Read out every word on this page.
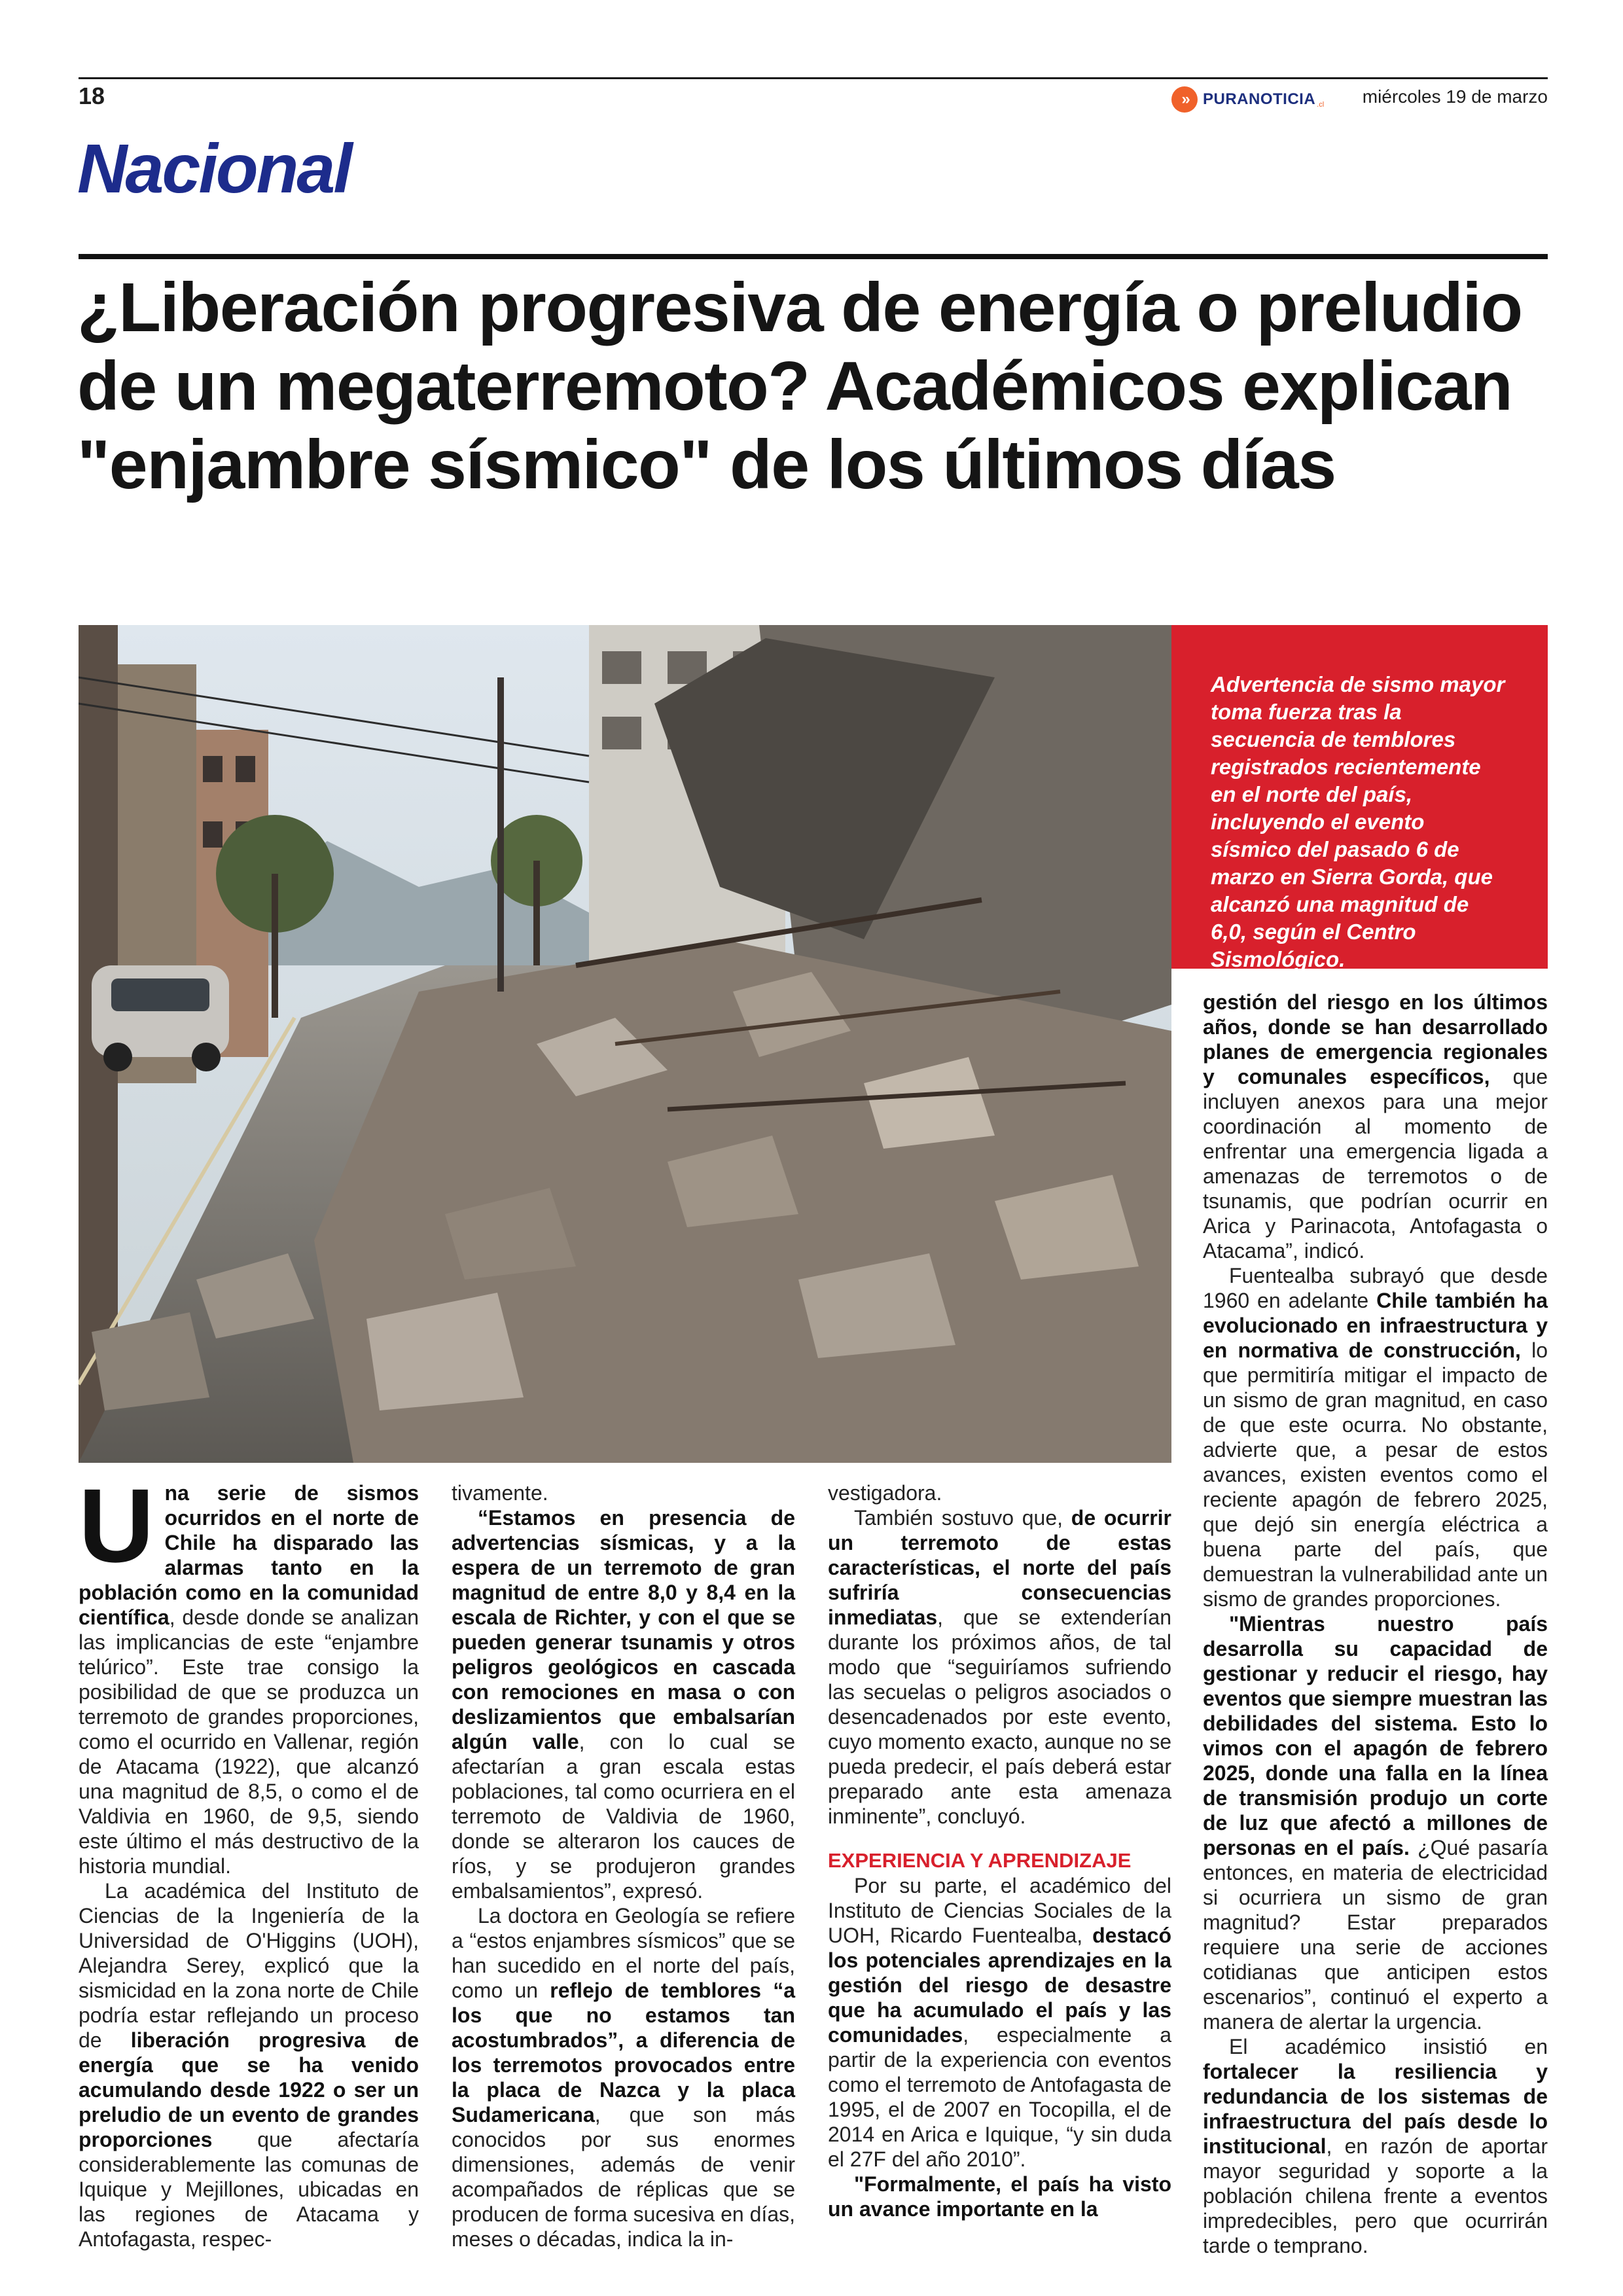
18	» PURANOTICIA .cl miércoles 19 de marzo
Nacional
¿Liberación progresiva de energía o preludio de un megaterremoto? Académicos explican "enjambre sísmico" de los últimos días

Advertencia de sismo mayor toma fuerza tras la secuencia de temblores registrados recientemente en el norte del país, incluyendo el evento sísmico del pasado 6 de marzo en Sierra Gorda, que alcanzó una magnitud de 6,0, según el Centro Sismológico.

Una serie de sismos ocurridos en el norte de Chile ha disparado las alarmas tanto en la población como en la comunidad científica, desde donde se analizan las implicancias de este “enjambre telúrico”. Este trae consigo la posibilidad de que se produzca un terremoto de grandes proporciones, como el ocurrido en Vallenar, región de Atacama (1922), que alcanzó una magnitud de 8,5, o como el de Valdivia en 1960, de 9,5, siendo este último el más destructivo de la historia mundial.

La académica del Instituto de Ciencias de la Ingeniería de la Universidad de O'Higgins (UOH), Alejandra Serey, explicó que la sismicidad en la zona norte de Chile podría estar reflejando un proceso de liberación progresiva de energía que se ha venido acumulando desde 1922 o ser un preludio de un evento de grandes proporciones que afectaría considerablemente las comunas de Iquique y Mejillones, ubicadas en las regiones de Atacama y Antofagasta, respec-

tivamente.

“Estamos en presencia de advertencias sísmicas, y a la espera de un terremoto de gran magnitud de entre 8,0 y 8,4 en la escala de Richter, y con el que se pueden generar tsunamis y otros peligros geológicos en cascada con remociones en masa o con deslizamientos que embalsarían algún valle, con lo cual se afectarían a gran escala estas poblaciones, tal como ocurriera en el terremoto de Valdivia de 1960, donde se alteraron los cauces de ríos, y se produjeron grandes embalsamientos”, expresó.

La doctora en Geología se refiere a “estos enjambres sísmicos” que se han sucedido en el norte del país, como un reflejo de temblores “a los que no estamos tan acostumbrados”, a diferencia de los terremotos provocados entre la placa de Nazca y la placa Sudamericana, que son más conocidos por sus enormes dimensiones, además de venir acompañados de réplicas que se producen de forma sucesiva en días, meses o décadas, indica la in-

vestigadora.

También sostuvo que, de ocurrir un terremoto de estas características, el norte del país sufriría consecuencias inmediatas, que se extenderían durante los próximos años, de tal modo que “seguiríamos sufriendo las secuelas o peligros asociados o desencadenados por este evento, cuyo momento exacto, aunque no se pueda predecir, el país deberá estar preparado ante esta amenaza inminente”, concluyó.

EXPERIENCIA Y APRENDIZAJE

Por su parte, el académico del Instituto de Ciencias Sociales de la UOH, Ricardo Fuentealba, destacó los potenciales aprendizajes en la gestión del riesgo de desastre que ha acumulado el país y las comunidades, especialmente a partir de la experiencia con eventos como el terremoto de Antofagasta de 1995, el de 2007 en Tocopilla, el de 2014 en Arica e Iquique, “y sin duda el 27F del año 2010”.

"Formalmente, el país ha visto un avance importante en la

gestión del riesgo en los últimos años, donde se han desarrollado planes de emergencia regionales y comunales específicos, que incluyen anexos para una mejor coordinación al momento de enfrentar una emergencia ligada a amenazas de terremotos o de tsunamis, que podrían ocurrir en Arica y Parinacota, Antofagasta o Atacama”, indicó.

Fuentealba subrayó que desde 1960 en adelante Chile también ha evolucionado en infraestructura y en normativa de construcción, lo que permitiría mitigar el impacto de un sismo de gran magnitud, en caso de que este ocurra. No obstante, advierte que, a pesar de estos avances, existen eventos como el reciente apagón de febrero 2025, que dejó sin energía eléctrica a buena parte del país, que demuestran la vulnerabilidad ante un sismo de grandes proporciones.

"Mientras nuestro país desarrolla su capacidad de gestionar y reducir el riesgo, hay eventos que siempre muestran las debilidades del sistema. Esto lo vimos con el apagón de febrero 2025, donde una falla en la línea de transmisión produjo un corte de luz que afectó a millones de personas en el país. ¿Qué pasaría entonces, en materia de electricidad si ocurriera un sismo de gran magnitud? Estar preparados requiere una serie de acciones cotidianas que anticipen estos escenarios”, continuó el experto a manera de alertar la urgencia.

El académico insistió en fortalecer la resiliencia y redundancia de los sistemas de infraestructura del país desde lo institucional, en razón de aportar mayor seguridad y soporte a la población chilena frente a eventos impredecibles, pero que ocurrirán tarde o temprano.
